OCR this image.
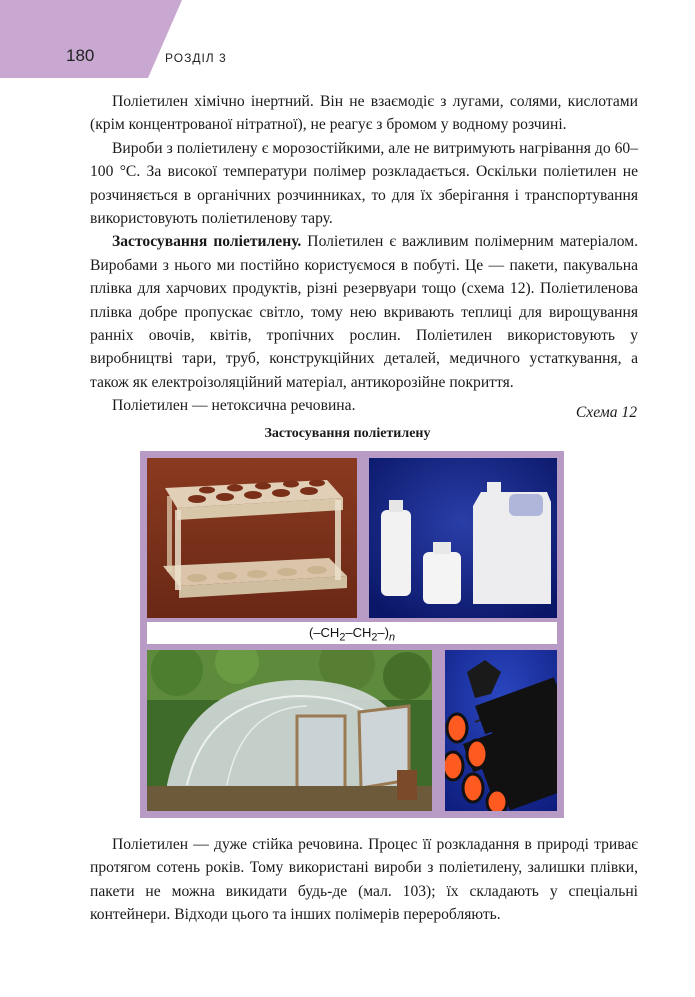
180	РОЗДІЛ 3

Поліетилен хімічно інертний. Він не взаємодіє з лугами, солями, кислотами (крім концентрованої нітратної), не реагує з бромом у водному розчині.

Вироби з поліетилену є морозостійкими, але не витримують нагрівання до 60–100 °С. За високої температури полімер розкладається. Оскільки поліетилен не розчиняється в органічних розчинниках, то для їх зберігання і транспортування використовують поліетиленову тару.

Застосування поліетилену. Поліетилен є важливим полімерним матеріалом. Виробами з нього ми постійно користуємося в побуті. Це — пакети, пакувальна плівка для харчових продуктів, різні резервуари тощо (схема 12). Поліетиленова плівка добре пропускає світло, тому нею вкривають теплиці для вирощування ранніх овочів, квітів, тропічних рослин. Поліетилен використовують у виробництві тари, труб, конструкційних деталей, медичного устаткування, а також як електроізоляційний матеріал, антикорозійне покриття.

Поліетилен — нетоксична речовина.	Схема 12
Застосування поліетилену
$(-CH_2-CH_2-)_n$

Поліетилен — дуже стійка речовина. Процес її розкладання в природі триває протягом сотень років. Тому використані вироби з поліетилену, залишки плівки, пакети не можна викидати будь-де (мал. 103); їх складають у спеціальні контейнери. Відходи цього та інших полімерів переробляють.
